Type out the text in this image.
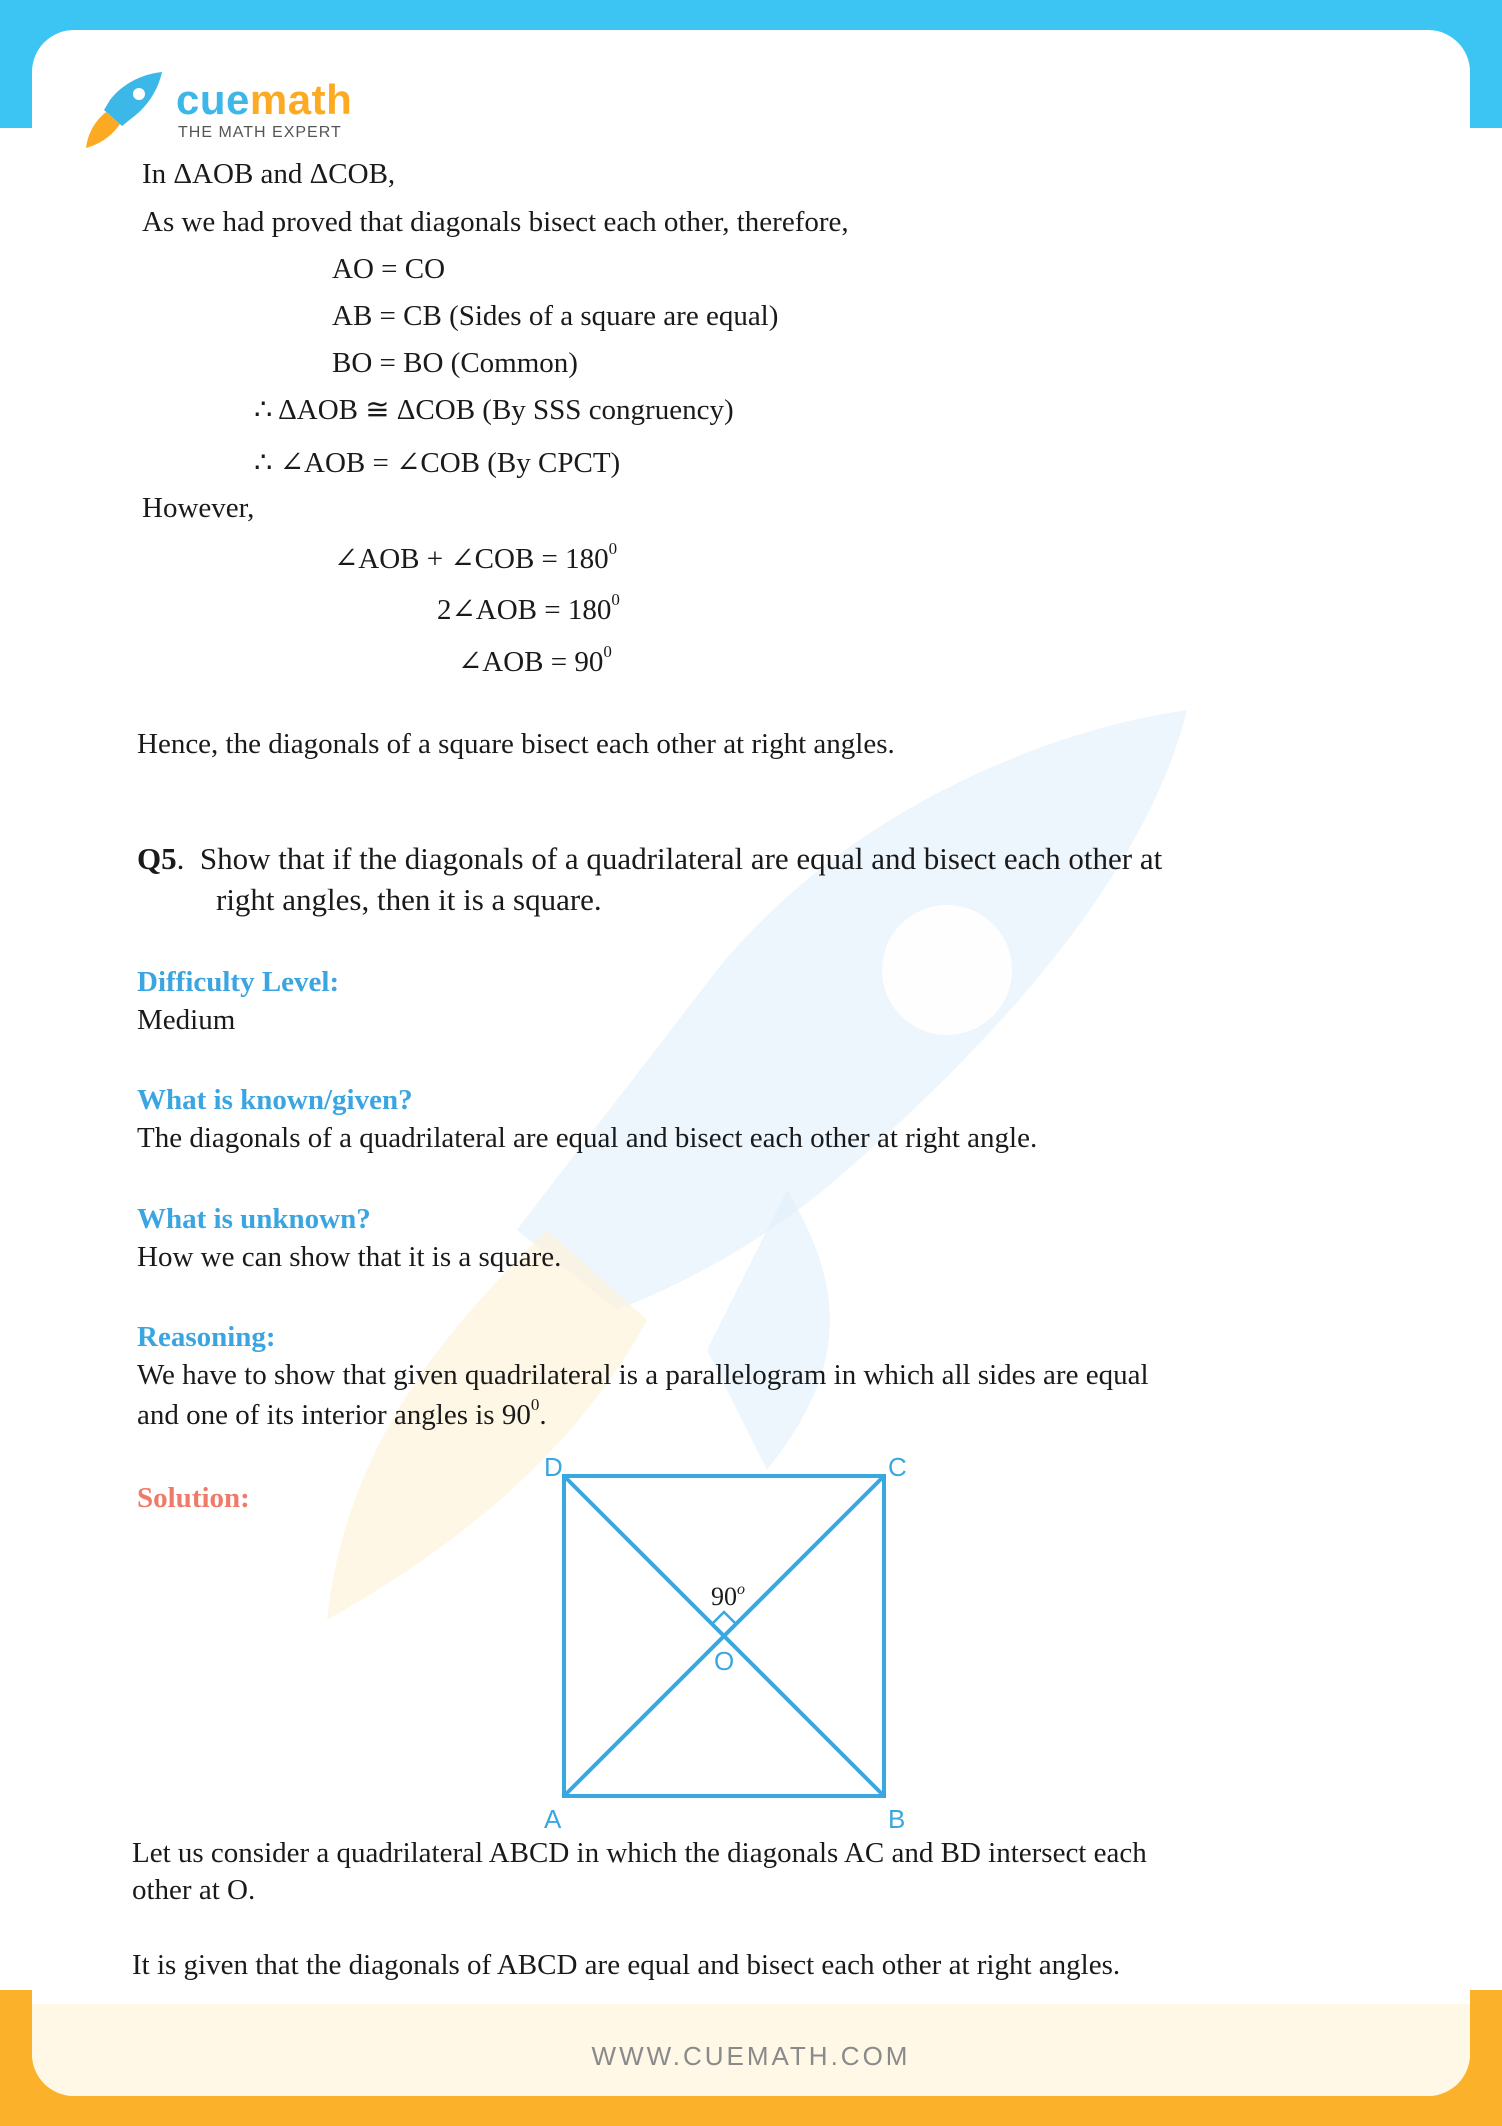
WWW.CUEMATH.COM
cuemath
THE MATH EXPERT
In ΔAOB and ΔCOB,
As we had proved that diagonals bisect each other, therefore,
AO = CO
AB = CB (Sides of a square are equal)
BO = BO (Common)
∴ ΔAOB ≅ ΔCOB (By SSS congruency)
∴ ∠AOB = ∠COB (By CPCT)
However,
∠AOB + ∠COB = $180^0$
2∠AOB = $180^0$
∠AOB = $90^0$
Hence, the diagonals of a square bisect each other at right angles.
Q5.  Show that if the diagonals of a quadrilateral are equal and bisect each other at
right angles, then it is a square.
Difficulty Level:
Medium
What is known/given?
The diagonals of a quadrilateral are equal and bisect each other at right angle.
What is unknown?
How we can show that it is a square.
Reasoning:
We have to show that given quadrilateral is a parallelogram in which all sides are equal
and one of its interior angles is $90^0$.
Solution:
D	C
A	B
O
90$^o$
Let us consider a quadrilateral ABCD in which the diagonals AC and BD intersect each
other at O.
It is given that the diagonals of ABCD are equal and bisect each other at right angles.
